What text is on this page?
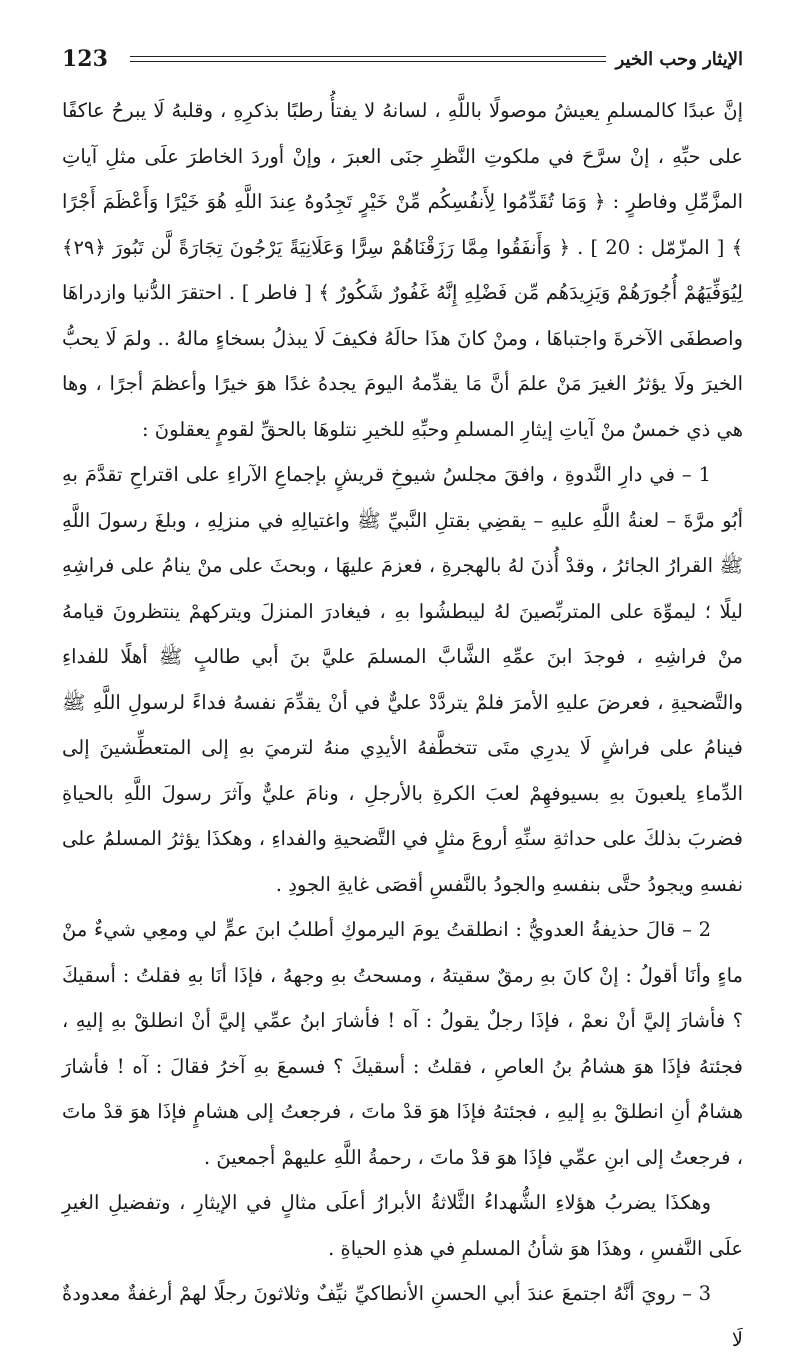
123	الإيثار وحب الخير

إنَّ عبدًا كالمسلمِ يعيشُ موصولًا باللَّهِ ، لسانهُ لا يفتأُ رطبًا بذكرِهِ ، وقلبهُ لَا يبرحُ عاكفًا على حبِّهِ ، إنْ سرَّحَ في ملكوتِ النَّظرِ جنَى العبرَ ، وإنْ أوردَ الخاطرَ علَى مثلِ آياتِ المزَّمِّلِ وفاطرٍ : ﴿ وَمَا تُقَدِّمُوا لِأَنفُسِكُم مِّنْ خَيْرٍ تَجِدُوهُ عِندَ اللَّهِ هُوَ خَيْرًا وَأَعْظَمَ أَجْرًا ﴾ [ المزّمّل : 20 ] . ﴿ وَأَنفَقُوا مِمَّا رَزَقْنَاهُمْ سِرًّا وَعَلَانِيَةً يَرْجُونَ تِجَارَةً لَّن تَبُورَ ﴿٢٩﴾ لِيُوَفِّيَهُمْ أُجُورَهُمْ وَيَزِيدَهُم مِّن فَضْلِهِ إِنَّهُ غَفُورٌ شَكُورٌ ﴾ [ فاطر ] . احتقرَ الدُّنيا وازدراهَا واصطفَى الآخرةَ واجتباهَا ، ومنْ كانَ هذَا حالَهُ فكيفَ لَا يبذلُ بسخاءٍ مالهُ .. ولمَ لَا يحبُّ الخيرَ ولَا يؤثرُ الغيرَ مَنْ علمَ أنَّ مَا يقدِّمهُ اليومَ يجدهُ غدًا هوَ خيرًا وأعظمَ أجرًا ، وها هي ذي خمسٌ منْ آياتِ إيثارِ المسلمِ وحبِّهِ للخيرِ نتلوهَا بالحقِّ لقومٍ يعقلونَ :

1 – في دارِ النَّدوةِ ، وافقَ مجلسُ شيوخِ قريشٍ بإجماعِ الآراءِ على اقتراحِ تقدَّمَ بهِ أبُو مرَّةَ – لعنةُ اللَّهِ عليهِ – يقضِي بقتلِ النَّبيِّ ﷺ واغتيالِهِ في منزلِهِ ، وبلغَ رسولَ اللَّهِ ﷺ القرارُ الجائرُ ، وقدْ أُذنَ لهُ بالهجرةِ ، فعزمَ عليهَا ، وبحثَ على منْ ينامُ على فراشِهِ ليلًا ؛ ليموِّهَ على المتربِّصينَ لهُ ليبطشُوا بهِ ، فيغادرَ المنزلَ ويتركهمْ ينتظرونَ قيامهُ منْ فراشِهِ ، فوجدَ ابنَ عمِّهِ الشَّابَّ المسلمَ عليَّ بنَ أبي طالبٍ ﷺ أهلًا للفداءِ والتَّضحيةِ ، فعرضَ عليهِ الأمرَ فلمْ يتردَّدْ عليٌّ في أنْ يقدِّمَ نفسهُ فداءً لرسولِ اللَّهِ ﷺ فينامُ على فراشٍ لَا يدرِي متَى تتخطَّفهُ الأيدِي منهُ لترميَ بهِ إلى المتعطِّشينَ إلى الدِّماءِ يلعبونَ بهِ بسيوفهِمْ لعبَ الكرةِ بالأرجلِ ، ونامَ عليٌّ وآثرَ رسولَ اللَّهِ بالحياةِ فضربَ بذلكَ على حداثةِ سنِّهِ أروعَ مثلٍ في التَّضحيةِ والفداءِ ، وهكذَا يؤثرُ المسلمُ على نفسهِ ويجودُ حتَّى بنفسهِ والجودُ بالنَّفسِ أقصَى غايةِ الجودِ .

2 – قالَ حذيفةُ العدويُّ : انطلقتُ يومَ اليرموكِ أطلبُ ابنَ عمٍّ لي ومعِي شيءٌ منْ ماءٍ وأنَا أقولُ : إنْ كانَ بهِ رمقٌ سقيتهُ ، ومسحتُ بهِ وجههُ ، فإذَا أنَا بهِ فقلتُ : أسقيكَ ؟ فأشارَ إليَّ أنْ نعمْ ، فإذَا رجلٌ يقولُ : آه ! فأشارَ ابنُ عمِّي إليَّ أنْ انطلقْ بهِ إليهِ ، فجئتهُ فإذَا هوَ هشامُ بنُ العاصِ ، فقلتُ : أسقيكَ ؟ فسمعَ بهِ آخرُ فقالَ : آه ! فأشارَ هشامٌ أنِ انطلقْ بهِ إليهِ ، فجئتهُ فإذَا هوَ قدْ ماتَ ، فرجعتُ إلى هشامٍ فإذَا هوَ قدْ ماتَ ، فرجعتُ إلى ابنِ عمِّي فإذَا هوَ قدْ ماتَ ، رحمةُ اللَّهِ عليهمْ أجمعينَ .

وهكذَا يضربُ هؤلاءِ الشُّهداءُ الثَّلاثةُ الأبرارُ أعلَى مثالٍ في الإيثارِ ، وتفضيلِ الغيرِ علَى النَّفسِ ، وهذَا هوَ شأنُ المسلمِ في هذهِ الحياةِ .

3 – رويَ أنَّهُ اجتمعَ عندَ أبي الحسنِ الأنطاكيِّ نيِّفٌ وثلاثونَ رجلًا لهمْ أرغفةٌ معدودةٌ لَا
